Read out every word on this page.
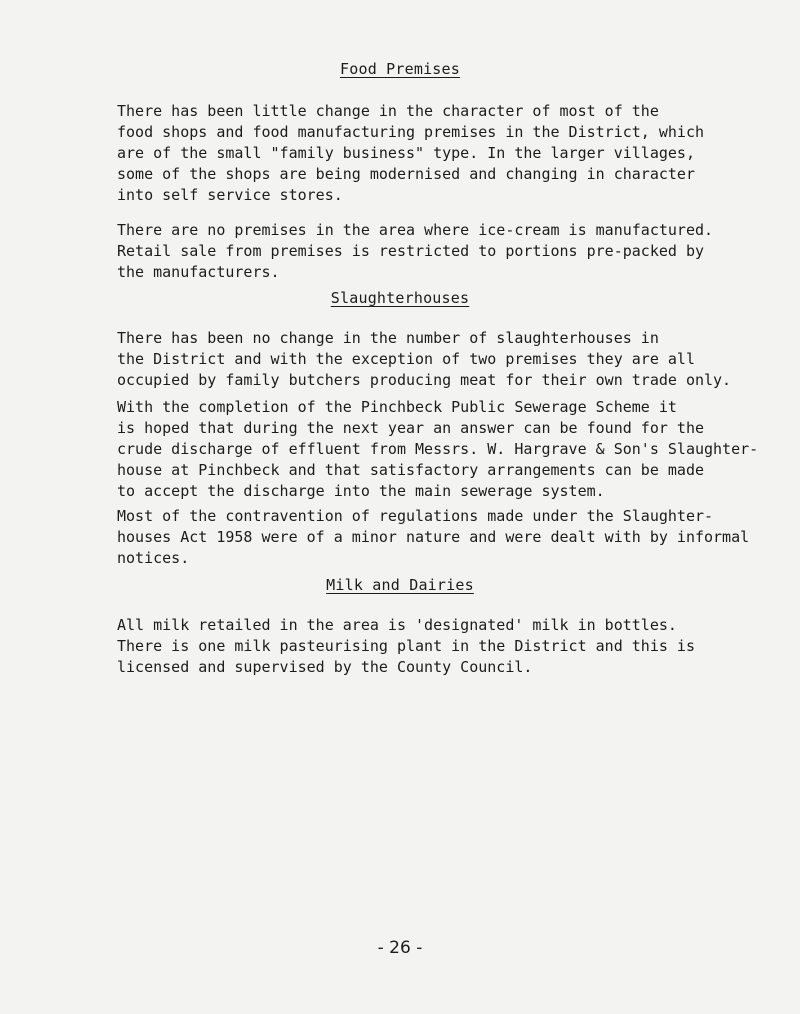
Food Premises
There has been little change in the character of most of the
food shops and food manufacturing premises in the District, which
are of the small "family business" type. In the larger villages,
some of the shops are being modernised and changing in character
into self service stores.
There are no premises in the area where ice-cream is manufactured.
Retail sale from premises is restricted to portions pre-packed by
the manufacturers.
Slaughterhouses
There has been no change in the number of slaughterhouses in
the District and with the exception of two premises they are all
occupied by family butchers producing meat for their own trade only.
With the completion of the Pinchbeck Public Sewerage Scheme it
is hoped that during the next year an answer can be found for the
crude discharge of effluent from Messrs. W. Hargrave & Son's Slaughter-
house at Pinchbeck and that satisfactory arrangements can be made
to accept the discharge into the main sewerage system.
Most of the contravention of regulations made under the Slaughter-
houses Act 1958 were of a minor nature and were dealt with by informal
notices.
Milk and Dairies
All milk retailed in the area is 'designated' milk in bottles.
There is one milk pasteurising plant in the District and this is
licensed and supervised by the County Council.
- 26 -
